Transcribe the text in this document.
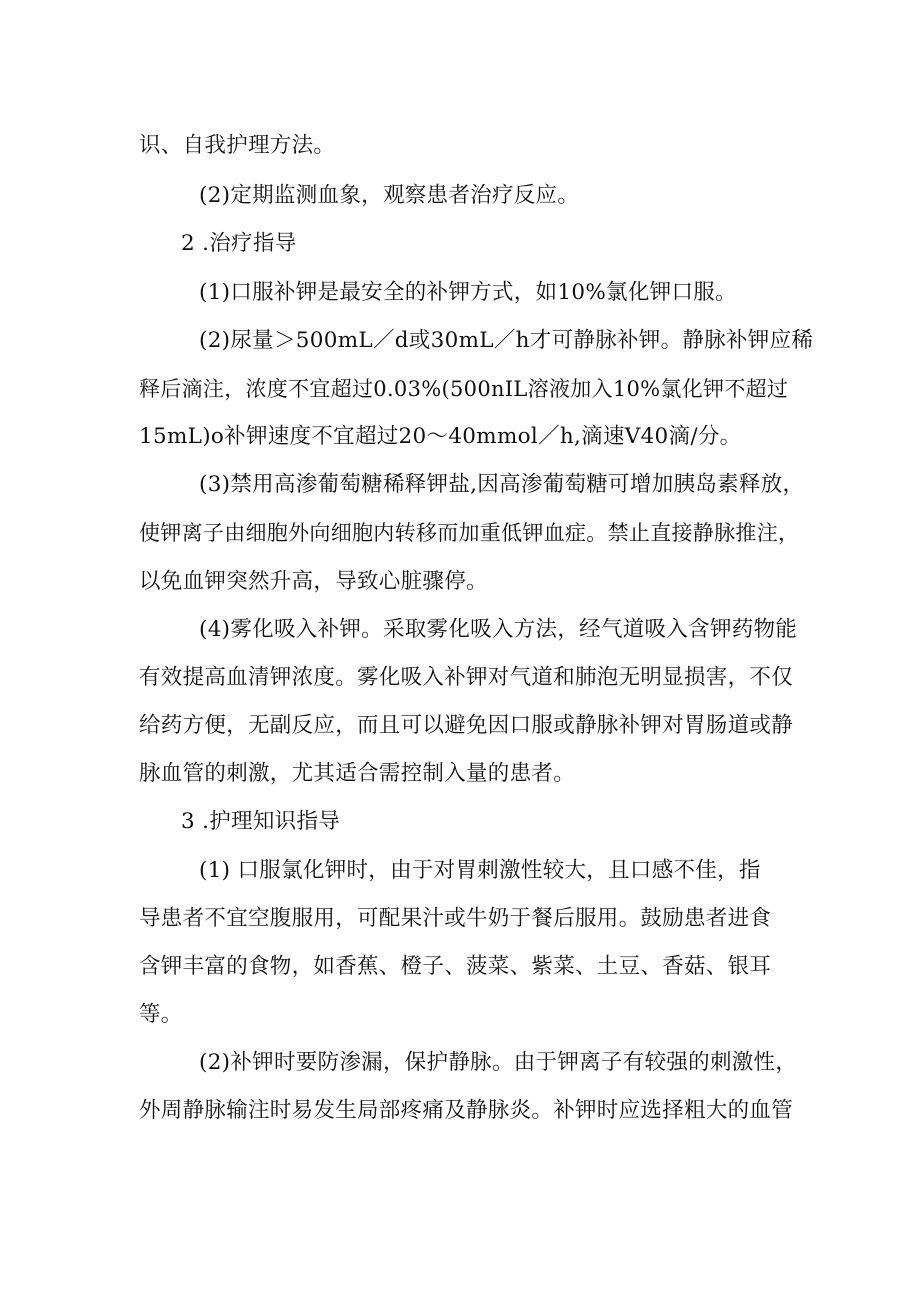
识、自我护理方法。
(2)定期监测血象，观察患者治疗反应。
2 .治疗指导
(1)口服补钾是最安全的补钾方式，如10%氯化钾口服。
(2)尿量＞500mL／d或30mL／h才可静脉补钾。静脉补钾应稀
释后滴注，浓度不宜超过0.03%(500nIL溶液加入10%氯化钾不超过
15mL)o补钾速度不宜超过20～40mmol／h,滴速V40滴/分。
(3)禁用高渗葡萄糖稀释钾盐,因高渗葡萄糖可增加胰岛素释放，
使钾离子由细胞外向细胞内转移而加重低钾血症。禁止直接静脉推注，
以免血钾突然升高，导致心脏骤停。
(4)雾化吸入补钾。采取雾化吸入方法，经气道吸入含钾药物能
有效提高血清钾浓度。雾化吸入补钾对气道和肺泡无明显损害，不仅
给药方便，无副反应，而且可以避免因口服或静脉补钾对胃肠道或静
脉血管的刺激，尤其适合需控制入量的患者。
3 .护理知识指导
(1) 口服氯化钾时，由于对胃刺激性较大，且口感不佳，指
导患者不宜空腹服用，可配果汁或牛奶于餐后服用。鼓励患者进食
含钾丰富的食物，如香蕉、橙子、菠菜、紫菜、土豆、香菇、银耳
等。
(2)补钾时要防渗漏，保护静脉。由于钾离子有较强的刺激性，
外周静脉输注时易发生局部疼痛及静脉炎。补钾时应选择粗大的血管
